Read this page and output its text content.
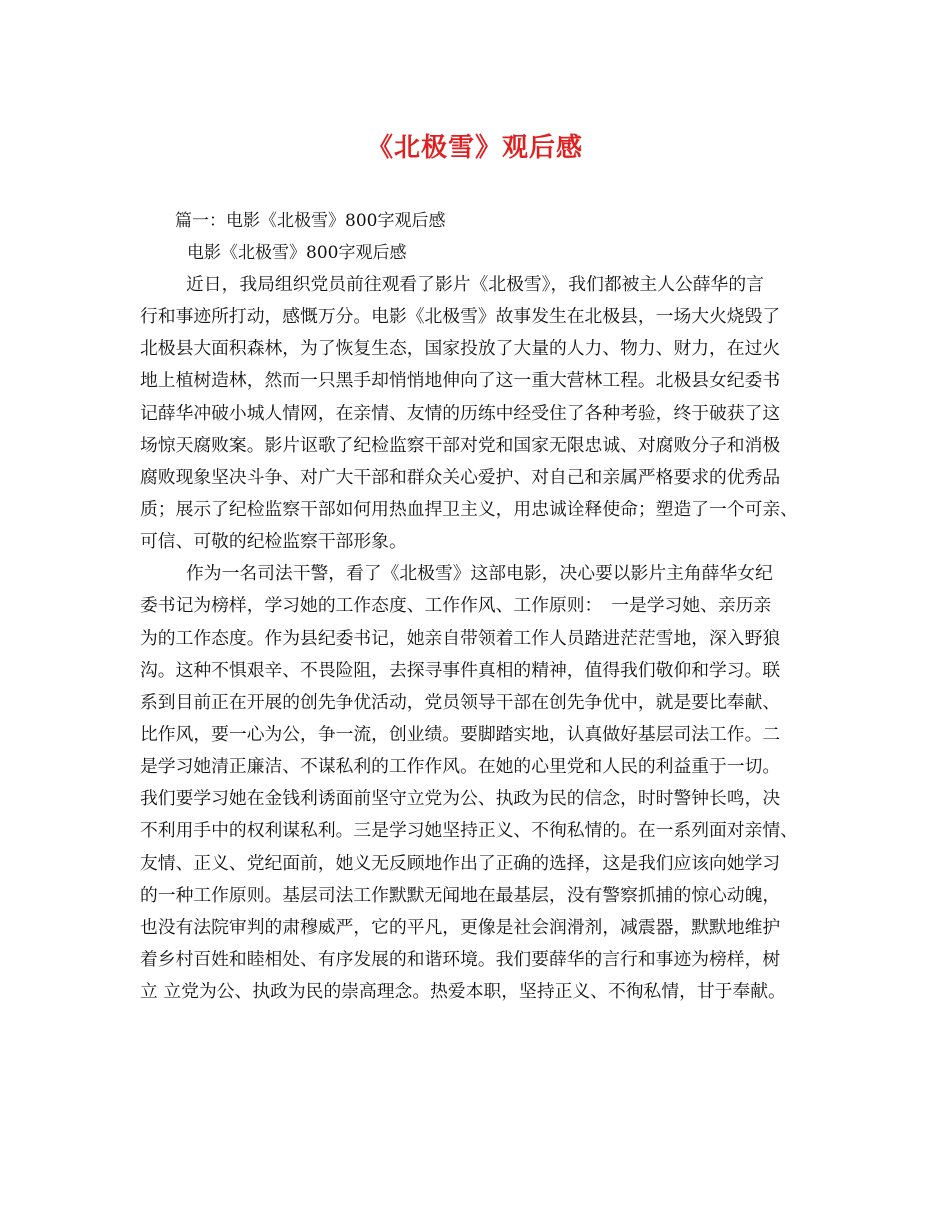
《北极雪》观后感
篇一：电影《北极雪》800字观后感
电影《北极雪》800字观后感
近日，我局组织党员前往观看了影片《北极雪》，我们都被主人公薛华的言
行和事迹所打动，感慨万分。电影《北极雪》故事发生在北极县，一场大火烧毁了
北极县大面积森林，为了恢复生态，国家投放了大量的人力、物力、财力，在过火
地上植树造林，然而一只黑手却悄悄地伸向了这一重大营林工程。北极县女纪委书
记薛华冲破小城人情网，在亲情、友情的历练中经受住了各种考验，终于破获了这
场惊天腐败案。影片讴歌了纪检监察干部对党和国家无限忠诚、对腐败分子和消极
腐败现象坚决斗争、对广大干部和群众关心爱护、对自己和亲属严格要求的优秀品
质；展示了纪检监察干部如何用热血捍卫主义，用忠诚诠释使命；塑造了一个可亲、
可信、可敬的纪检监察干部形象。
作为一名司法干警，看了《北极雪》这部电影，决心要以影片主角薛华女纪
委书记为榜样，学习她的工作态度、工作作风、工作原则：　一是学习她、亲历亲
为的工作态度。作为县纪委书记，她亲自带领着工作人员踏进茫茫雪地，深入野狼
沟。这种不惧艰辛、不畏险阻，去探寻事件真相的精神，值得我们敬仰和学习。联
系到目前正在开展的创先争优活动，党员领导干部在创先争优中，就是要比奉献、
比作风，要一心为公，争一流，创业绩。要脚踏实地，认真做好基层司法工作。二
是学习她清正廉洁、不谋私利的工作作风。在她的心里党和人民的利益重于一切。
我们要学习她在金钱利诱面前坚守立党为公、执政为民的信念，时时警钟长鸣，决
不利用手中的权利谋私利。三是学习她坚持正义、不徇私情的。在一系列面对亲情、
友情、正义、党纪面前，她义无反顾地作出了正确的选择，这是我们应该向她学习
的一种工作原则。基层司法工作默默无闻地在最基层，没有警察抓捕的惊心动魄，
也没有法院审判的肃穆威严，它的平凡，更像是社会润滑剂，减震器，默默地维护
着乡村百姓和睦相处、有序发展的和谐环境。我们要薛华的言行和事迹为榜样，树
立 立党为公、执政为民的崇高理念。热爱本职，坚持正义、不徇私情，甘于奉献。
